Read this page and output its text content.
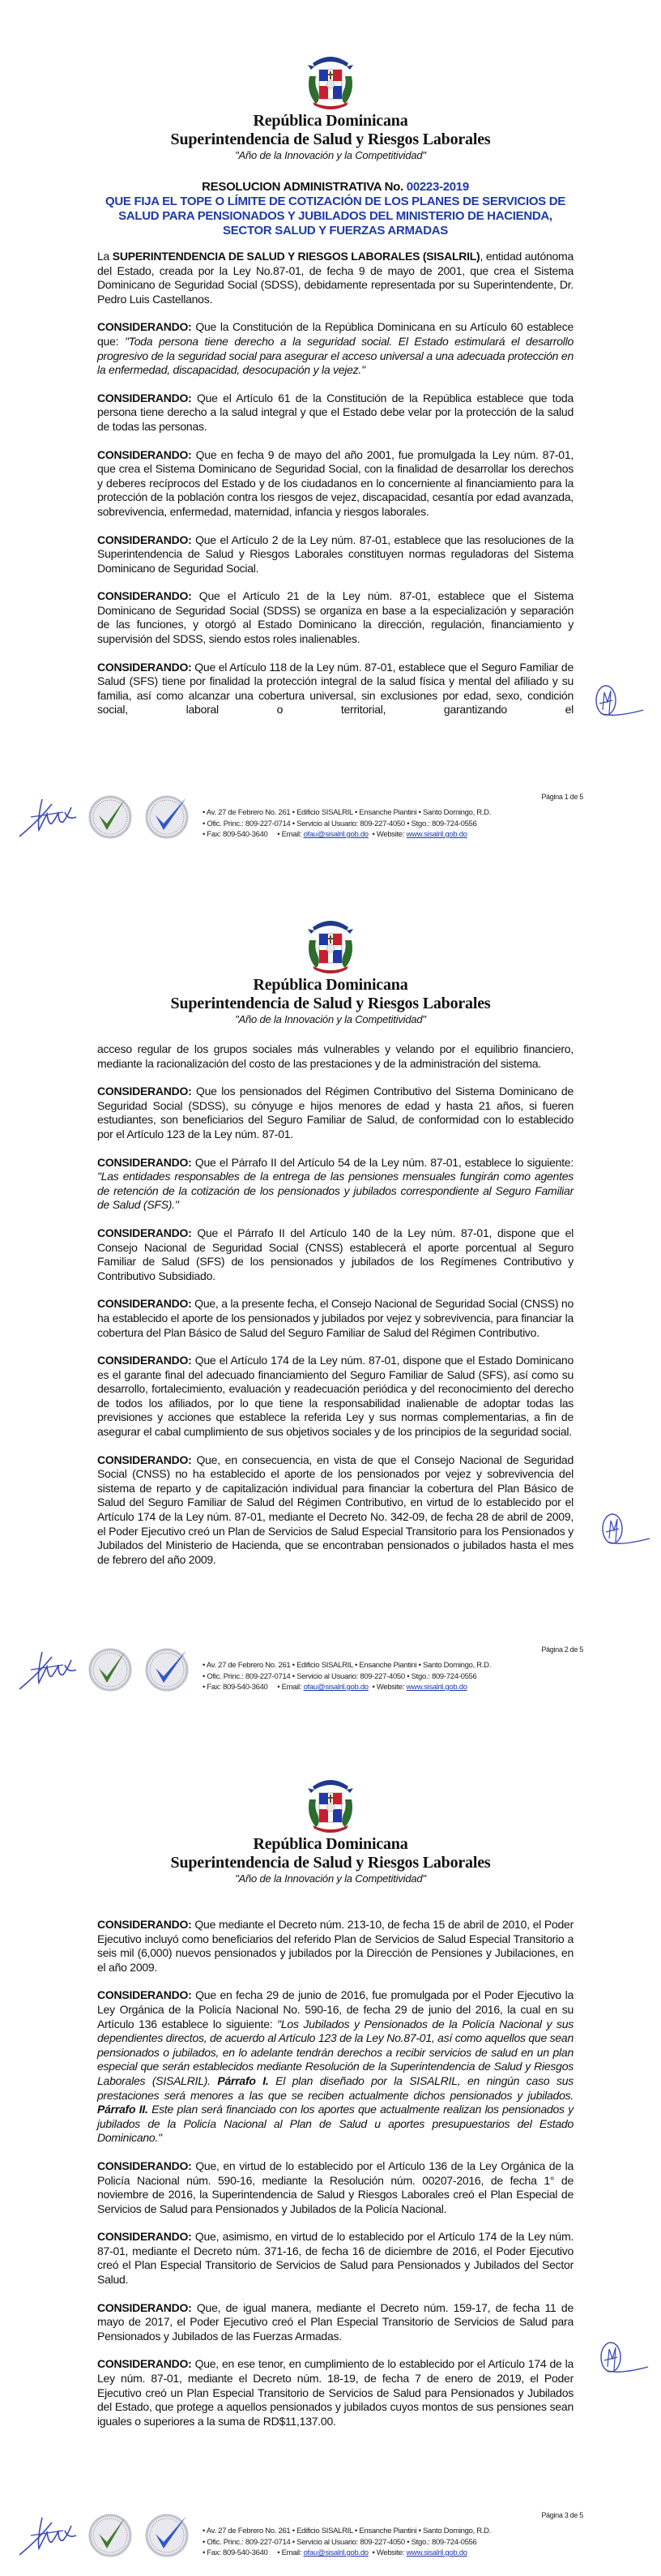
República Dominicana
Superintendencia de Salud y Riesgos Laborales
"Año de la Innovación y la Competitividad"
RESOLUCION ADMINISTRATIVA No. 00223-2019
QUE FIJA EL TOPE O LÍMITE DE COTIZACIÓN DE LOS PLANES DE SERVICIOS DE SALUD PARA PENSIONADOS Y JUBILADOS DEL MINISTERIO DE HACIENDA, SECTOR SALUD Y FUERZAS ARMADAS

La SUPERINTENDENCIA DE SALUD Y RIESGOS LABORALES (SISALRIL), entidad autónoma del Estado, creada por la Ley No.87-01, de fecha 9 de mayo de 2001, que crea el Sistema Dominicano de Seguridad Social (SDSS), debidamente representada por su Superintendente, Dr. Pedro Luis Castellanos.

CONSIDERANDO: Que la Constitución de la República Dominicana en su Artículo 60 establece que: "Toda persona tiene derecho a la seguridad social. El Estado estimulará el desarrollo progresivo de la seguridad social para asegurar el acceso universal a una adecuada protección en la enfermedad, discapacidad, desocupación y la vejez."

CONSIDERANDO: Que el Artículo 61 de la Constitución de la República establece que toda persona tiene derecho a la salud integral y que el Estado debe velar por la protección de la salud de todas las personas.

CONSIDERANDO: Que en fecha 9 de mayo del año 2001, fue promulgada la Ley núm. 87-01, que crea el Sistema Dominicano de Seguridad Social, con la finalidad de desarrollar los derechos y deberes recíprocos del Estado y de los ciudadanos en lo concerniente al financiamiento para la protección de la población contra los riesgos de vejez, discapacidad, cesantía por edad avanzada, sobrevivencia, enfermedad, maternidad, infancia y riesgos laborales.

CONSIDERANDO: Que el Artículo 2 de la Ley núm. 87-01, establece que las resoluciones de la Superintendencia de Salud y Riesgos Laborales constituyen normas reguladoras del Sistema Dominicano de Seguridad Social.

CONSIDERANDO: Que el Artículo 21 de la Ley núm. 87-01, establece que el Sistema Dominicano de Seguridad Social (SDSS) se organiza en base a la especialización y separación de las funciones, y otorgó al Estado Dominicano la dirección, regulación, financiamiento y supervisión del SDSS, siendo estos roles inalienables.

CONSIDERANDO: Que el Artículo 118 de la Ley núm. 87-01, establece que el Seguro Familiar de Salud (SFS) tiene por finalidad la protección integral de la salud física y mental del afiliado y su familia, así como alcanzar una cobertura universal, sin exclusiones por edad, sexo, condición social, laboral o territorial, garantizando el

• Av. 27 de Febrero No. 261 • Edificio SISALRIL • Ensanche Piantini • Santo Domingo, R.D.
• Ofic. Princ.: 809-227-0714 • Servicio al Usuario: 809-227-4050 • Stgo.: 809-724-0556
• Fax: 809-540-3640 • Email: ofau@sisalril.gob.do • Website: www.sisalril.gob.do
Página 1 de 5
República Dominicana
Superintendencia de Salud y Riesgos Laborales
"Año de la Innovación y la Competitividad"

acceso regular de los grupos sociales más vulnerables y velando por el equilibrio financiero, mediante la racionalización del costo de las prestaciones y de la administración del sistema.

CONSIDERANDO: Que los pensionados del Régimen Contributivo del Sistema Dominicano de Seguridad Social (SDSS), su cónyuge e hijos menores de edad y hasta 21 años, si fueren estudiantes, son beneficiarios del Seguro Familiar de Salud, de conformidad con lo establecido por el Artículo 123 de la Ley núm. 87-01.

CONSIDERANDO: Que el Párrafo II del Artículo 54 de la Ley núm. 87-01, establece lo siguiente: "Las entidades responsables de la entrega de las pensiones mensuales fungirán como agentes de retención de la cotización de los pensionados y jubilados correspondiente al Seguro Familiar de Salud (SFS)."

CONSIDERANDO: Que el Párrafo II del Artículo 140 de la Ley núm. 87-01, dispone que el Consejo Nacional de Seguridad Social (CNSS) establecerá el aporte porcentual al Seguro Familiar de Salud (SFS) de los pensionados y jubilados de los Regímenes Contributivo y Contributivo Subsidiado.

CONSIDERANDO: Que, a la presente fecha, el Consejo Nacional de Seguridad Social (CNSS) no ha establecido el aporte de los pensionados y jubilados por vejez y sobrevivencia, para financiar la cobertura del Plan Básico de Salud del Seguro Familiar de Salud del Régimen Contributivo.

CONSIDERANDO: Que el Artículo 174 de la Ley núm. 87-01, dispone que el Estado Dominicano es el garante final del adecuado financiamiento del Seguro Familiar de Salud (SFS), así como su desarrollo, fortalecimiento, evaluación y readecuación periódica y del reconocimiento del derecho de todos los afiliados, por lo que tiene la responsabilidad inalienable de adoptar todas las previsiones y acciones que establece la referida Ley y sus normas complementarias, a fin de asegurar el cabal cumplimiento de sus objetivos sociales y de los principios de la seguridad social.

CONSIDERANDO: Que, en consecuencia, en vista de que el Consejo Nacional de Seguridad Social (CNSS) no ha establecido el aporte de los pensionados por vejez y sobrevivencia del sistema de reparto y de capitalización individual para financiar la cobertura del Plan Básico de Salud del Seguro Familiar de Salud del Régimen Contributivo, en virtud de lo establecido por el Artículo 174 de la Ley núm. 87-01, mediante el Decreto No. 342-09, de fecha 28 de abril de 2009, el Poder Ejecutivo creó un Plan de Servicios de Salud Especial Transitorio para los Pensionados y Jubilados del Ministerio de Hacienda, que se encontraban pensionados o jubilados hasta el mes de febrero del año 2009.

• Av. 27 de Febrero No. 261 • Edificio SISALRIL • Ensanche Piantini • Santo Domingo, R.D.
• Ofic. Princ.: 809-227-0714 • Servicio al Usuario: 809-227-4050 • Stgo.: 809-724-0556
• Fax: 809-540-3640 • Email: ofau@sisalril.gob.do • Website: www.sisalril.gob.do
Página 2 de 5
República Dominicana
Superintendencia de Salud y Riesgos Laborales
"Año de la Innovación y la Competitividad"

CONSIDERANDO: Que mediante el Decreto núm. 213-10, de fecha 15 de abril de 2010, el Poder Ejecutivo incluyó como beneficiarios del referido Plan de Servicios de Salud Especial Transitorio a seis mil (6,000) nuevos pensionados y jubilados por la Dirección de Pensiones y Jubilaciones, en el año 2009.

CONSIDERANDO: Que en fecha 29 de junio de 2016, fue promulgada por el Poder Ejecutivo la Ley Orgánica de la Policía Nacional No. 590-16, de fecha 29 de junio del 2016, la cual en su Artículo 136 establece lo siguiente: "Los Jubilados y Pensionados de la Policía Nacional y sus dependientes directos, de acuerdo al Artículo 123 de la Ley No.87-01, así como aquellos que sean pensionados o jubilados, en lo adelante tendrán derechos a recibir servicios de salud en un plan especial que serán establecidos mediante Resolución de la Superintendencia de Salud y Riesgos Laborales (SISALRIL). Párrafo I. El plan diseñado por la SISALRIL, en ningún caso sus prestaciones será menores a las que se reciben actualmente dichos pensionados y jubilados. Párrafo II. Este plan será financiado con los aportes que actualmente realizan los pensionados y jubilados de la Policía Nacional al Plan de Salud u aportes presupuestarios del Estado Dominicano."

CONSIDERANDO: Que, en virtud de lo establecido por el Artículo 136 de la Ley Orgánica de la Policía Nacional núm. 590-16, mediante la Resolución núm. 00207-2016, de fecha 1° de noviembre de 2016, la Superintendencia de Salud y Riesgos Laborales creó el Plan Especial de Servicios de Salud para Pensionados y Jubilados de la Policía Nacional.

CONSIDERANDO: Que, asimismo, en virtud de lo establecido por el Artículo 174 de la Ley núm. 87-01, mediante el Decreto núm. 371-16, de fecha 16 de diciembre de 2016, el Poder Ejecutivo creó el Plan Especial Transitorio de Servicios de Salud para Pensionados y Jubilados del Sector Salud.

CONSIDERANDO: Que, de igual manera, mediante el Decreto núm. 159-17, de fecha 11 de mayo de 2017, el Poder Ejecutivo creó el Plan Especial Transitorio de Servicios de Salud para Pensionados y Jubilados de las Fuerzas Armadas.

CONSIDERANDO: Que, en ese tenor, en cumplimiento de lo establecido por el Artículo 174 de la Ley núm. 87-01, mediante el Decreto núm. 18-19, de fecha 7 de enero de 2019, el Poder Ejecutivo creó un Plan Especial Transitorio de Servicios de Salud para Pensionados y Jubilados del Estado, que protege a aquellos pensionados y jubilados cuyos montos de sus pensiones sean iguales o superiores a la suma de RD$11,137.00.

• Av. 27 de Febrero No. 261 • Edificio SISALRIL • Ensanche Piantini • Santo Domingo, R.D.
• Ofic. Princ.: 809-227-0714 • Servicio al Usuario: 809-227-4050 • Stgo.: 809-724-0556
• Fax: 809-540-3640 • Email: ofau@sisalril.gob.do • Website: www.sisalril.gob.do
Página 3 de 5
